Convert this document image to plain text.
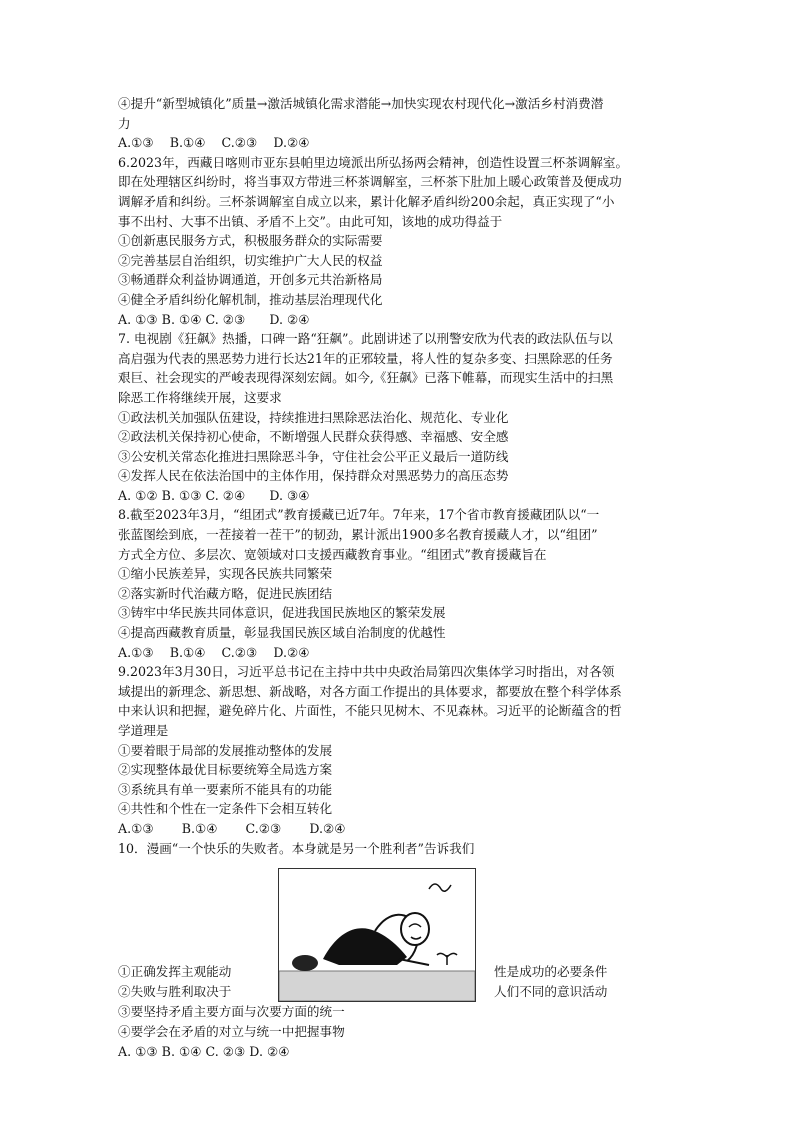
④提升“新型城镇化”质量→激活城镇化需求潜能→加快实现农村现代化→激活乡村消费潜
力
A.①③    B.①④    C.②③    D.②④
6.2023年，西藏日喀则市亚东县帕里边境派出所弘扬两会精神，创造性设置三杯茶调解室。
即在处理辖区纠纷时，将当事双方带进三杯茶调解室，三杯茶下肚加上暖心政策普及便成功
调解矛盾和纠纷。三杯茶调解室自成立以来，累计化解矛盾纠纷200余起，真正实现了“小
事不出村、大事不出镇、矛盾不上交”。由此可知，该地的成功得益于
①创新惠民服务方式，积极服务群众的实际需要
②完善基层自治组织，切实维护广大人民的权益
③畅通群众利益协调通道，开创多元共治新格局
④健全矛盾纠纷化解机制，推动基层治理现代化
A. ①③ B. ①④ C. ②③      D. ②④
7. 电视剧《狂飙》热播，口碑一路“狂飙”。此剧讲述了以刑警安欣为代表的政法队伍与以
高启强为代表的黑恶势力进行长达21年的正邪较量，将人性的复杂多变、扫黑除恶的任务
艰巨、社会现实的严峻表现得深刻宏阔。如今,《狂飙》已落下帷幕，而现实生活中的扫黑
除恶工作将继续开展，这要求
①政法机关加强队伍建设，持续推进扫黑除恶法治化、规范化、专业化
②政法机关保持初心使命，不断增强人民群众获得感、幸福感、安全感
③公安机关常态化推进扫黑除恶斗争，守住社会公平正义最后一道防线
④发挥人民在依法治国中的主体作用，保持群众对黑恶势力的高压态势
A. ①② B. ①③ C. ②④      D. ③④
8.截至2023年3月，“组团式”教育援藏已近7年。7年来，17个省市教育援藏团队以“一
张蓝图绘到底，一茬接着一茬干”的韧劲，累计派出1900多名教育援藏人才，以“组团”
方式全方位、多层次、宽领域对口支援西藏教育事业。“组团式”教育援藏旨在
①缩小民族差异，实现各民族共同繁荣
②落实新时代治藏方略，促进民族团结
③铸牢中华民族共同体意识，促进我国民族地区的繁荣发展
④提高西藏教育质量，彰显我国民族区域自治制度的优越性
A.①③    B.①④    C.②③    D.②④
9.2023年3月30日，习近平总书记在主持中共中央政治局第四次集体学习时指出，对各领
域提出的新理念、新思想、新战略，对各方面工作提出的具体要求，都要放在整个科学体系
中来认识和把握，避免碎片化、片面性，不能只见树木、不见森林。习近平的论断蕴含的哲
学道理是
①要着眼于局部的发展推动整体的发展
②实现整体最优目标要统筹全局选方案
③系统具有单一要素所不能具有的功能
④共性和个性在一定条件下会相互转化
A.①③       B.①④       C.②③       D.②④
10．漫画“一个快乐的失败者。本身就是另一个胜利者”告诉我们
①正确发挥主观能动	性是成功的必要条件
②失败与胜利取决于	人们不同的意识活动
③要坚持矛盾主要方面与次要方面的统一
④要学会在矛盾的对立与统一中把握事物
A. ①③ B. ①④ C. ②③ D. ②④
